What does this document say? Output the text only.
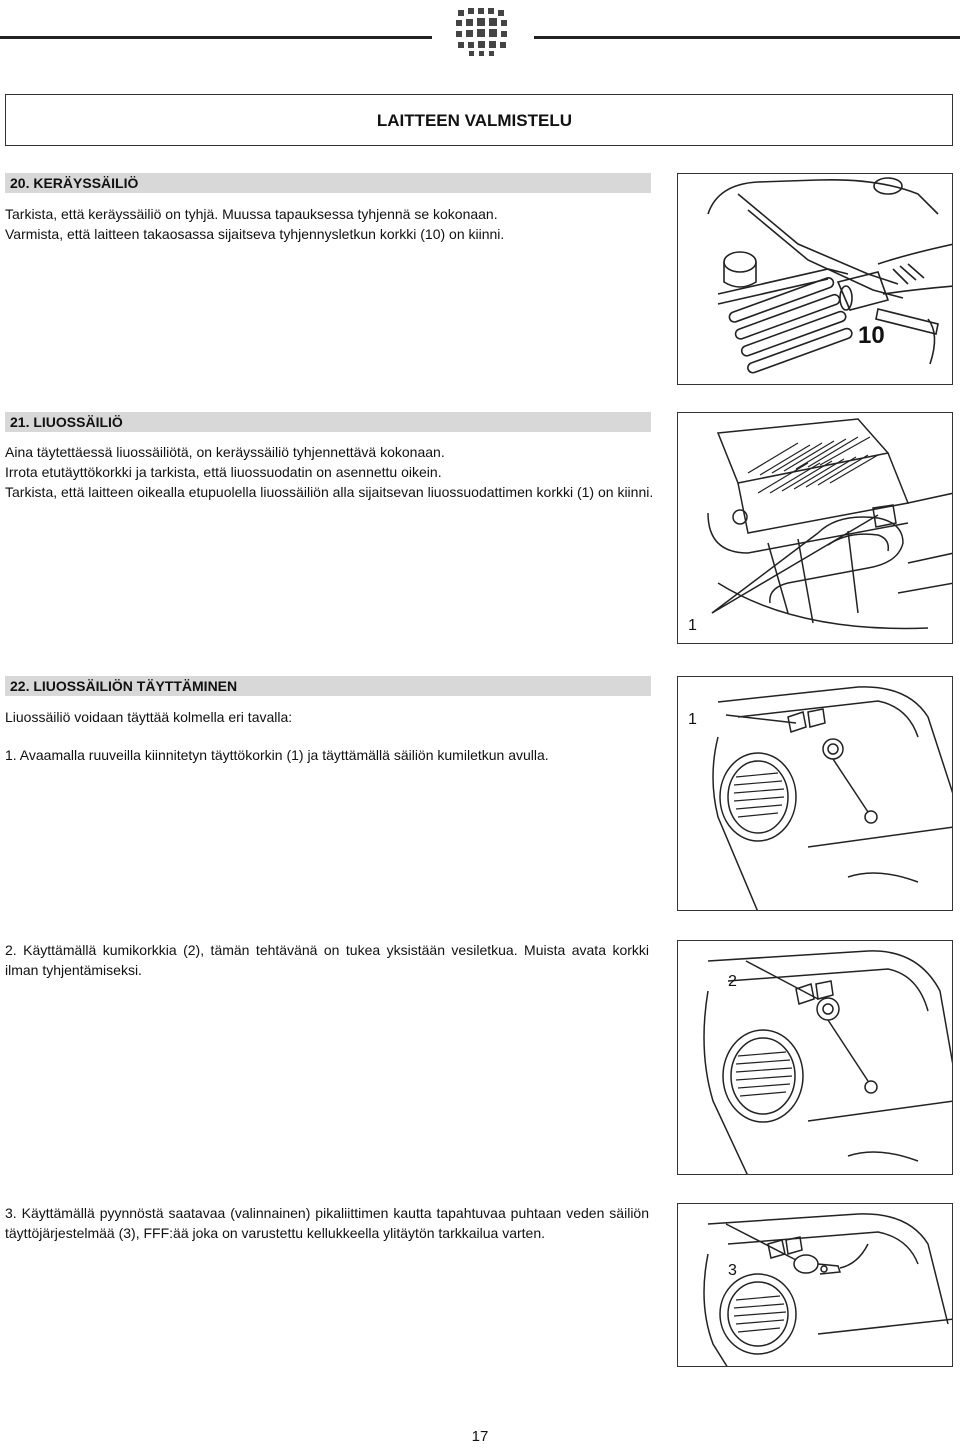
LAITTEEN VALMISTELU
20. KERÄYSSÄILIÖ
Tarkista, että keräyssäiliö on tyhjä. Muussa tapauksessa tyhjennä se kokonaan.
Varmista, että laitteen takaosassa sijaitseva tyhjennysletkun korkki (10) on kiinni.
10
21. LIUOSSÄILIÖ
Aina täytettäessä liuossäiliötä, on keräyssäiliö tyhjennettävä kokonaan.
Irrota etutäyttökorkki ja tarkista, että liuossuodatin on asennettu oikein.
Tarkista, että laitteen oikealla etupuolella liuossäiliön alla sijaitsevan liuossuodattimen korkki (1) on kiinni.
1
22. LIUOSSÄILIÖN TÄYTTÄMINEN
Liuossäiliö voidaan täyttää kolmella eri tavalla:
1. Avaamalla ruuveilla kiinnitetyn täyttökorkin (1) ja täyttämällä säiliön kumiletkun avulla.
1
2. Käyttämällä kumikorkkia (2), tämän tehtävänä on tukea yksistään vesiletkua. Muista avata korkki ilman tyhjentämiseksi.
2
3. Käyttämällä pyynnöstä saatavaa (valinnainen) pikaliittimen kautta tapahtuvaa puhtaan veden säiliön täyttöjärjestelmää (3), FFF:ää joka on varustettu kellukkeella ylitäytön tarkkailua varten.
3
17
